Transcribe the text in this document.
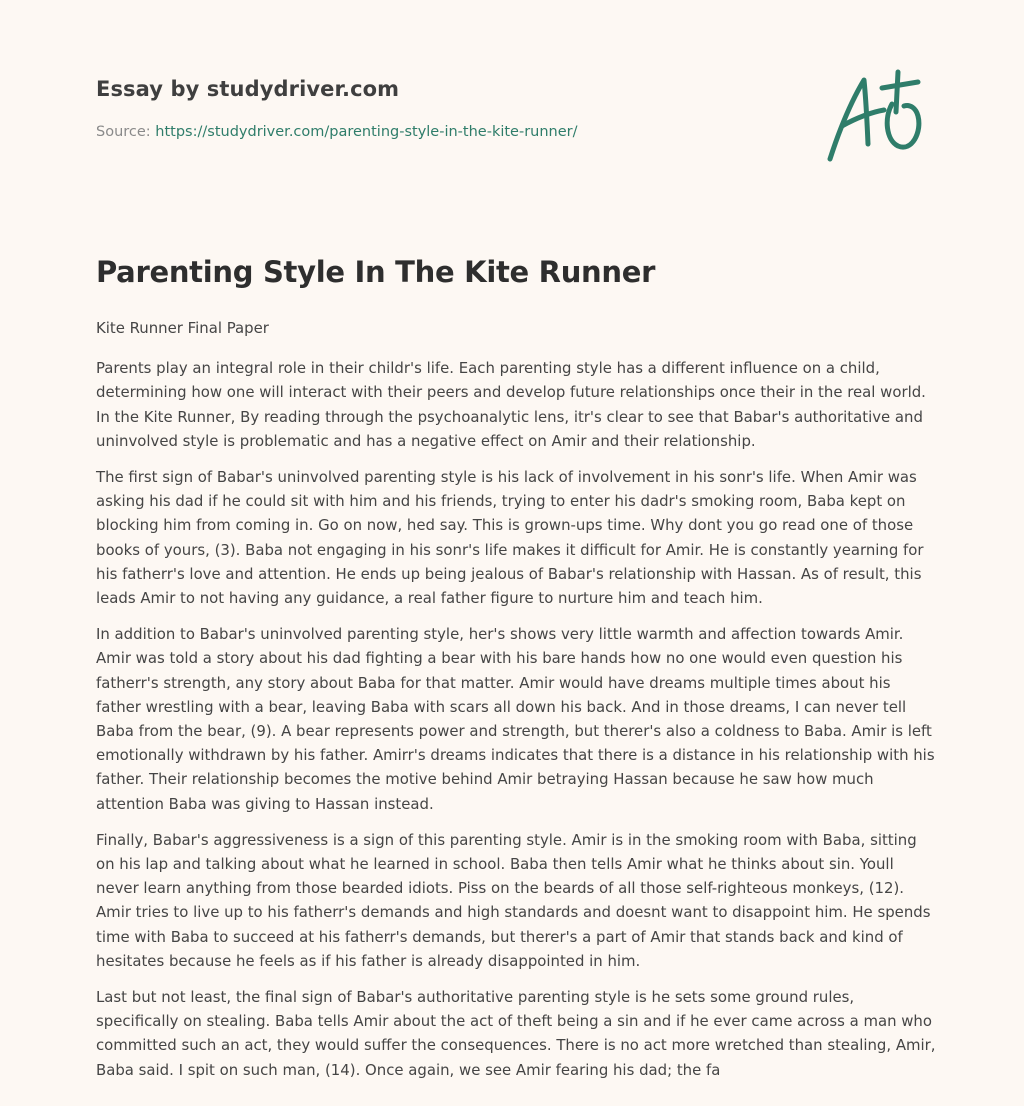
Essay by studydriver.com
Source: https://studydriver.com/parenting-style-in-the-kite-runner/
Parenting Style In The Kite Runner

Kite Runner Final Paper

Parents play an integral role in their childr's life. Each parenting style has a different influence on a child, determining how one will interact with their peers and develop future relationships once their in the real world. In the Kite Runner, By reading through the psychoanalytic lens, itr's clear to see that Babar's authoritative and uninvolved style is problematic and has a negative effect on Amir and their relationship.

The first sign of Babar's uninvolved parenting style is his lack of involvement in his sonr's life. When Amir was asking his dad if he could sit with him and his friends, trying to enter his dadr's smoking room, Baba kept on blocking him from coming in. Go on now, hed say. This is grown-ups time. Why dont you go read one of those books of yours, (3). Baba not engaging in his sonr's life makes it difficult for Amir. He is constantly yearning for his fatherr's love and attention. He ends up being jealous of Babar's relationship with Hassan. As of result, this leads Amir to not having any guidance, a real father figure to nurture him and teach him.

In addition to Babar's uninvolved parenting style, her's shows very little warmth and affection towards Amir. Amir was told a story about his dad fighting a bear with his bare hands how no one would even question his fatherr's strength, any story about Baba for that matter. Amir would have dreams multiple times about his father wrestling with a bear, leaving Baba with scars all down his back. And in those dreams, I can never tell Baba from the bear, (9). A bear represents power and strength, but therer's also a coldness to Baba. Amir is left emotionally withdrawn by his father. Amirr's dreams indicates that there is a distance in his relationship with his father. Their relationship becomes the motive behind Amir betraying Hassan because he saw how much attention Baba was giving to Hassan instead.

Finally, Babar's aggressiveness is a sign of this parenting style. Amir is in the smoking room with Baba, sitting on his lap and talking about what he learned in school. Baba then tells Amir what he thinks about sin. Youll never learn anything from those bearded idiots. Piss on the beards of all those self-righteous monkeys, (12). Amir tries to live up to his fatherr's demands and high standards and doesnt want to disappoint him. He spends time with Baba to succeed at his fatherr's demands, but therer's a part of Amir that stands back and kind of hesitates because he feels as if his father is already disappointed in him.

Last but not least, the final sign of Babar's authoritative parenting style is he sets some ground rules, specifically on stealing. Baba tells Amir about the act of theft being a sin and if he ever came across a man who committed such an act, they would suffer the consequences. There is no act more wretched than stealing, Amir, Baba said. I spit on such man, (14). Once again, we see Amir fearing his dad; the fa
